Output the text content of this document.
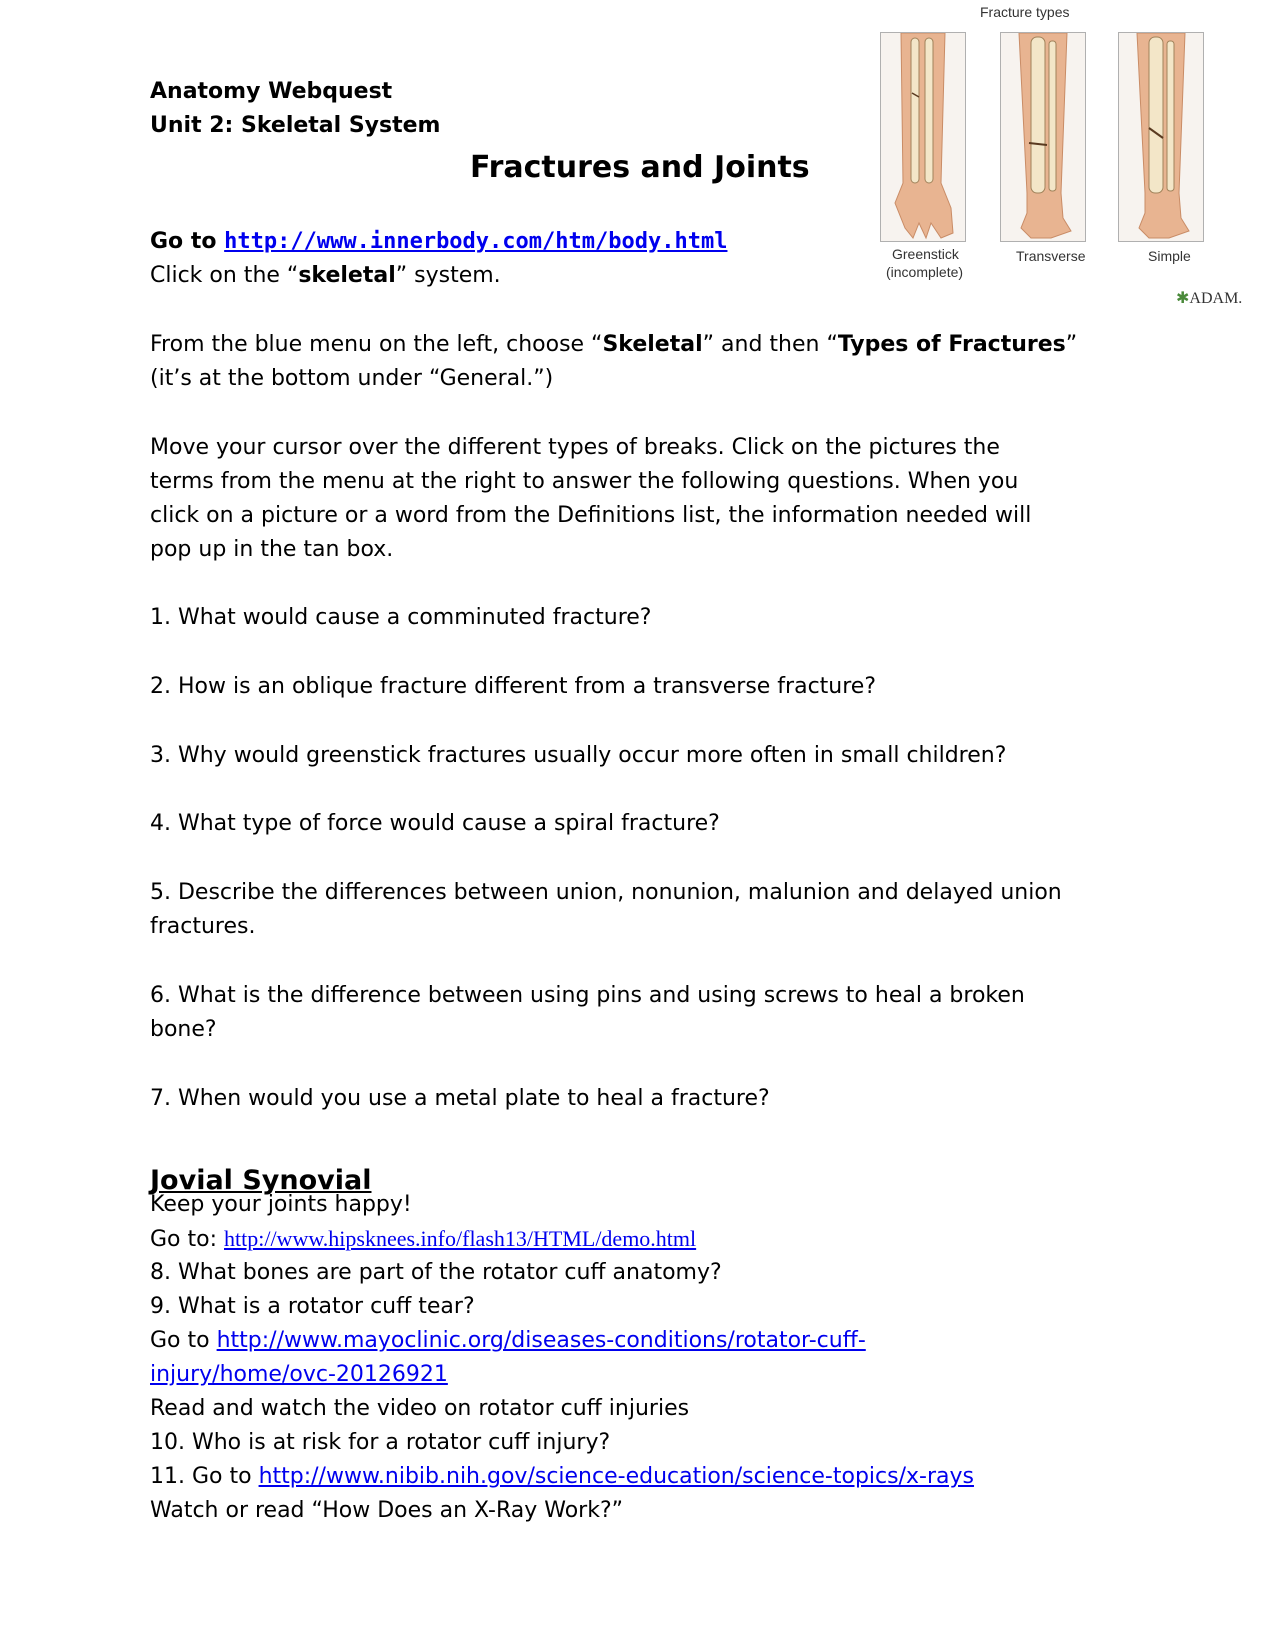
Anatomy Webquest
Unit 2: Skeletal System
Fractures and Joints
Fracture types
Greenstick
(incomplete)
Transverse	Simple
✱ADAM.
Go to http://www.innerbody.com/htm/body.html
Click on the “skeletal” system.
From the blue menu on the left, choose “Skeletal” and then “Types of Fractures”
(it’s at the bottom under “General.”)
Move your cursor over the different types of breaks. Click on the pictures the
terms from the menu at the right to answer the following questions. When you
click on a picture or a word from the Definitions list, the information needed will
pop up in the tan box.
1. What would cause a comminuted fracture?
2. How is an oblique fracture different from a transverse fracture?
3. Why would greenstick fractures usually occur more often in small children?
4. What type of force would cause a spiral fracture?
5. Describe the differences between union, nonunion, malunion and delayed union
fractures.
6. What is the difference between using pins and using screws to heal a broken
bone?
7. When would you use a metal plate to heal a fracture?
Jovial Synovial
Keep your joints happy!
Go to: http://www.hipsknees.info/flash13/HTML/demo.html
8. What bones are part of the rotator cuff anatomy?
9. What is a rotator cuff tear?
Go to http://www.mayoclinic.org/diseases-conditions/rotator-cuff-
injury/home/ovc-20126921
Read and watch the video on rotator cuff injuries
10. Who is at risk for a rotator cuff injury?
11. Go to http://www.nibib.nih.gov/science-education/science-topics/x-rays
Watch or read “How Does an X-Ray Work?”
